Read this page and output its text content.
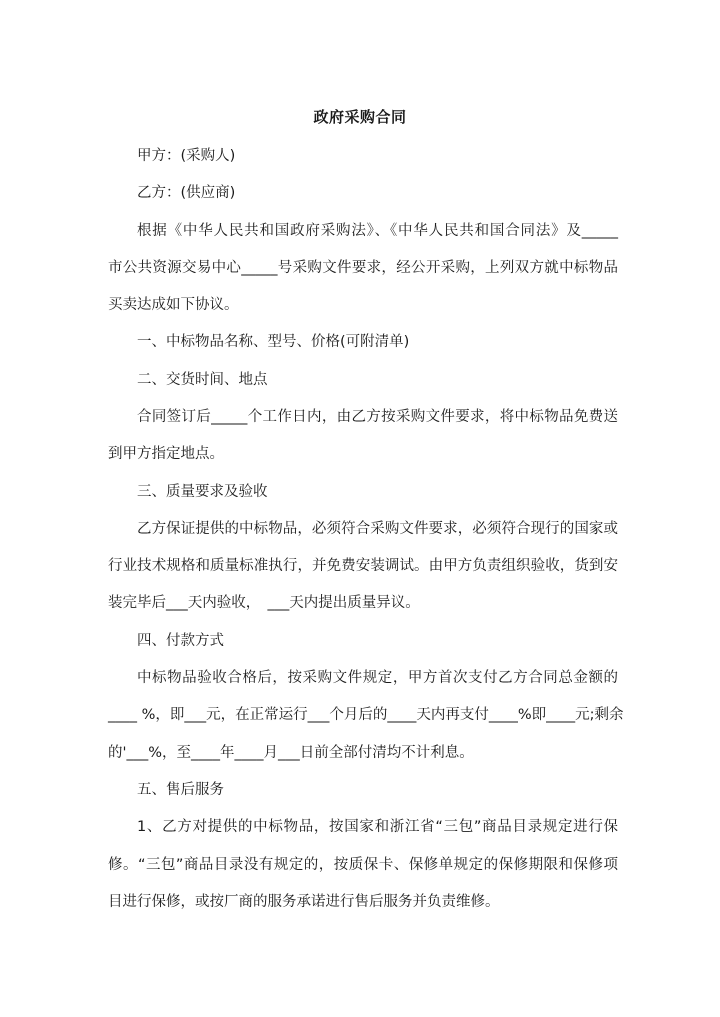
政府采购合同
甲方：(采购人)
乙方：(供应商)
根据《中华人民共和国政府采购法》、《中华人民共和国合同法》及_____
市公共资源交易中心_____号采购文件要求，经公开采购，上列双方就中标物品
买卖达成如下协议。
一、中标物品名称、型号、价格(可附清单)
二、交货时间、地点
合同签订后_____个工作日内，由乙方按采购文件要求，将中标物品免费送
到甲方指定地点。
三、质量要求及验收
乙方保证提供的中标物品，必须符合采购文件要求，必须符合现行的国家或
行业技术规格和质量标准执行，并免费安装调试。由甲方负责组织验收，货到安
装完毕后___天内验收，　___天内提出质量异议。
四、付款方式
中标物品验收合格后，按采购文件规定，甲方首次支付乙方合同总金额的
____ %，即___元，在正常运行___个月后的____天内再支付____%即____元;剩余
的'___%，至____年____月___日前全部付清均不计利息。
五、售后服务
1、乙方对提供的中标物品，按国家和浙江省“三包”商品目录规定进行保
修。“三包”商品目录没有规定的，按质保卡、保修单规定的保修期限和保修项
目进行保修，或按厂商的服务承诺进行售后服务并负责维修。
